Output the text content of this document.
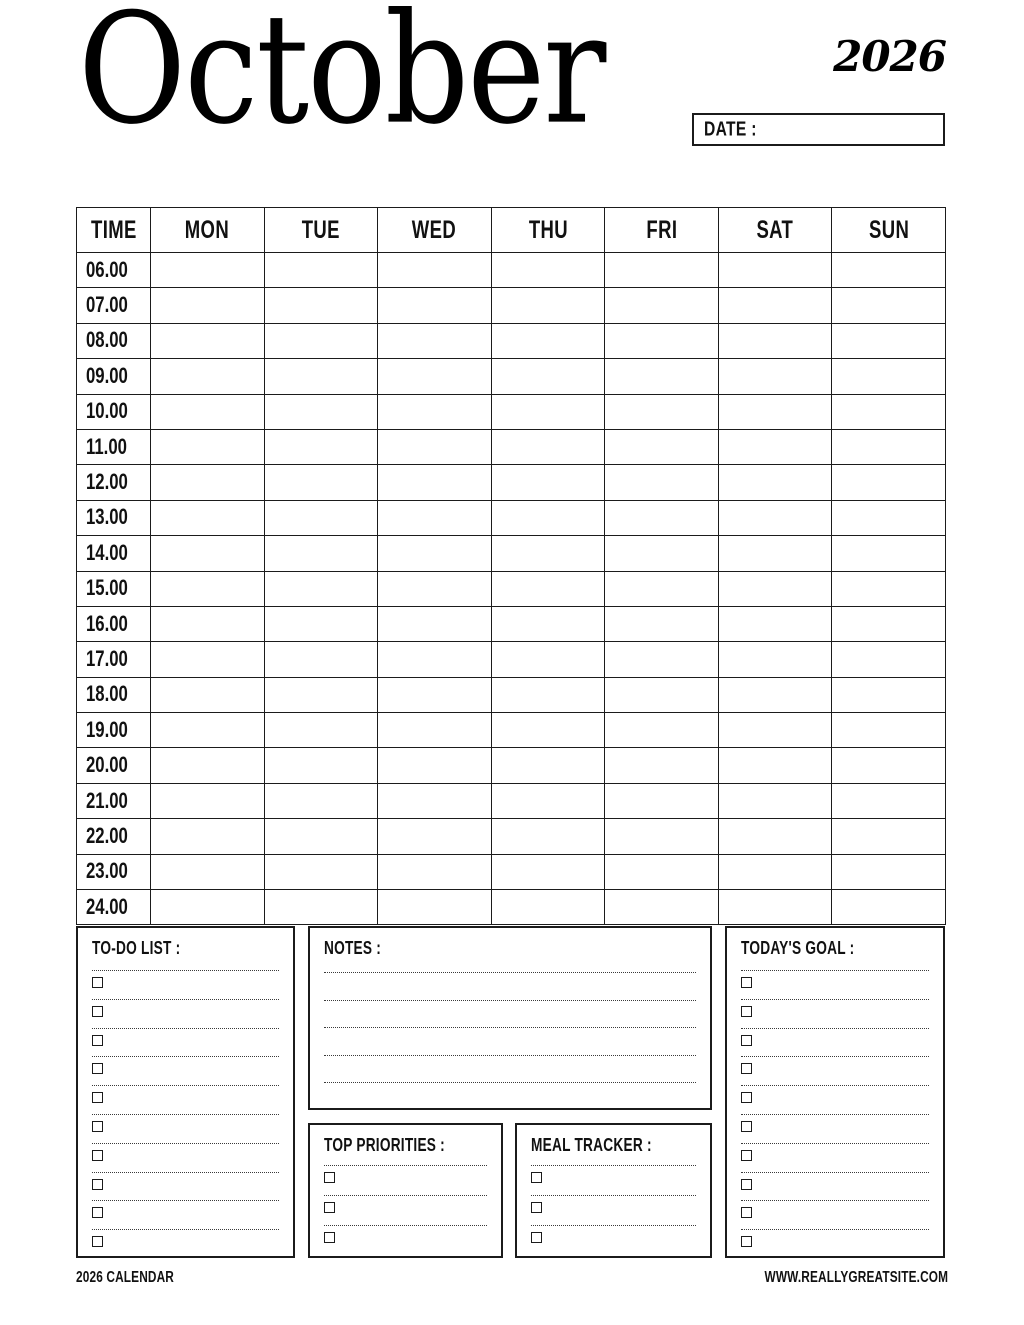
October	2026
DATE :
TIME	MON	TUE	WED	THU	FRI	SAT	SUN
06.00							
07.00							
08.00							
09.00							
10.00							
11.00							
12.00							
13.00							
14.00							
15.00							
16.00							
17.00							
18.00							
19.00							
20.00							
21.00							
22.00							
23.00							
24.00							
TO-DO LIST :	NOTES :
TOP PRIORITIES :	MEAL TRACKER :
TODAY'S GOAL :
2026 CALENDAR	WWW.REALLYGREATSITE.COM
